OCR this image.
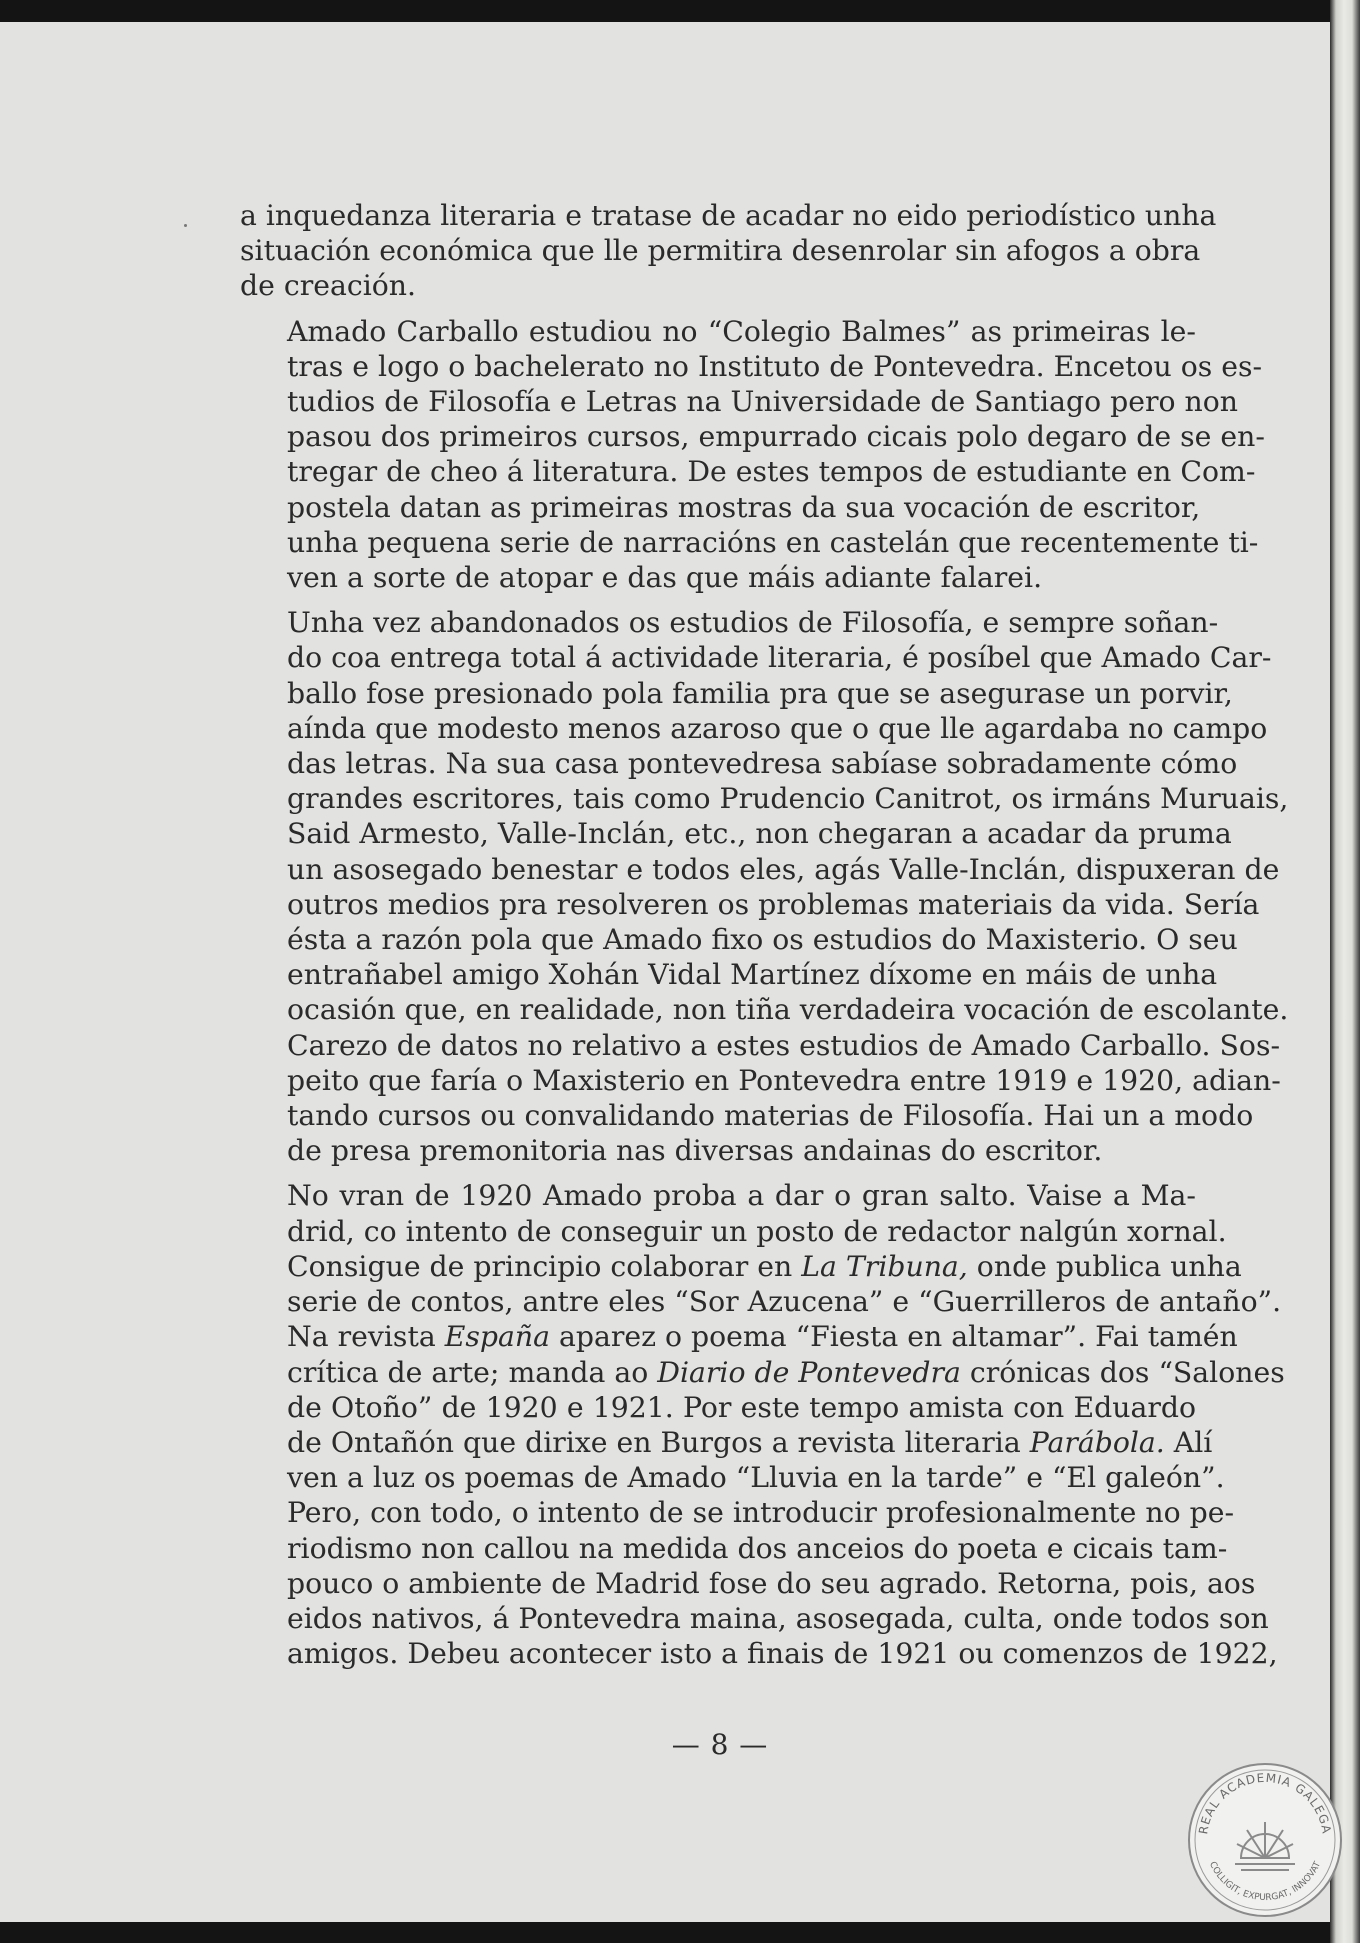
a inquedanza literaria e tratase de acadar no eido periodístico unha
situación económica que lle permitira desenrolar sin afogos a obra
de creación.

Amado Carballo estudiou no “Colegio Balmes” as primeiras le-
tras e logo o bachelerato no Instituto de Pontevedra. Encetou os es-
tudios de Filosofía e Letras na Universidade de Santiago pero non
pasou dos primeiros cursos, empurrado cicais polo degaro de se en-
tregar de cheo á literatura. De estes tempos de estudiante en Com-
postela datan as primeiras mostras da sua vocación de escritor,
unha pequena serie de narracións en castelán que recentemente ti-
ven a sorte de atopar e das que máis adiante falarei.

Unha vez abandonados os estudios de Filosofía, e sempre soñan-
do coa entrega total á actividade literaria, é posíbel que Amado Car-
ballo fose presionado pola familia pra que se asegurase un porvir,
aínda que modesto menos azaroso que o que lle agardaba no campo
das letras. Na sua casa pontevedresa sabíase sobradamente cómo
grandes escritores, tais como Prudencio Canitrot, os irmáns Muruais,
Said Armesto, Valle-Inclán, etc., non chegaran a acadar da pruma
un asosegado benestar e todos eles, agás Valle-Inclán, dispuxeran de
outros medios pra resolveren os problemas materiais da vida. Sería
ésta a razón pola que Amado fixo os estudios do Maxisterio. O seu
entrañabel amigo Xohán Vidal Martínez díxome en máis de unha
ocasión que, en realidade, non tiña verdadeira vocación de escolante.
Carezo de datos no relativo a estes estudios de Amado Carballo. Sos-
peito que faría o Maxisterio en Pontevedra entre 1919 e 1920, adian-
tando cursos ou convalidando materias de Filosofía. Hai un a modo
de presa premonitoria nas diversas andainas do escritor.

No vran de 1920 Amado proba a dar o gran salto. Vaise a Ma-
drid, co intento de conseguir un posto de redactor nalgún xornal.
Consigue de principio colaborar en La Tribuna, onde publica unha
serie de contos, antre eles “Sor Azucena” e “Guerrilleros de antaño”.
Na revista España aparez o poema “Fiesta en altamar”. Fai tamén
crítica de arte; manda ao Diario de Pontevedra crónicas dos “Salones
de Otoño” de 1920 e 1921. Por este tempo amista con Eduardo
de Ontañón que dirixe en Burgos a revista literaria Parábola. Alí
ven a luz os poemas de Amado “Lluvia en la tarde” e “El galeón”.
Pero, con todo, o intento de se introducir profesionalmente no pe-
riodismo non callou na medida dos anceios do poeta e cicais tam-
pouco o ambiente de Madrid fose do seu agrado. Retorna, pois, aos
eidos nativos, á Pontevedra maina, asosegada, culta, onde todos son
amigos. Debeu acontecer isto a finais de 1921 ou comenzos de 1922,

— 8 —
REAL ACADEMIA GALEGA
COLLIGIT, EXPURGAT, INNOVAT
